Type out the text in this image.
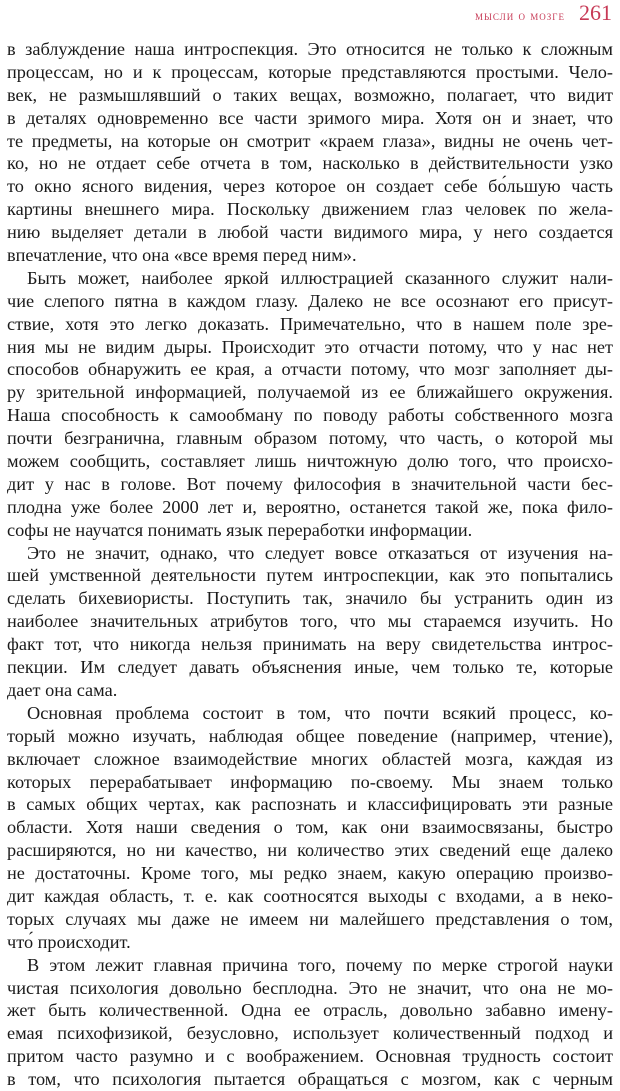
мысли о мозге 261
в заблуждение наша интроспекция. Это относится не только к сложным
процессам, но и к процессам, которые представляются простыми. Чело-
век, не размышлявший о таких вещах, возможно, полагает, что видит
в деталях одновременно все части зримого мира. Хотя он и знает, что
те предметы, на которые он смотрит «краем глаза», видны не очень чет-
ко, но не отдает себе отчета в том, насколько в действительности узко
то окно ясного видения, через которое он создает себе бо́льшую часть
картины внешнего мира. Поскольку движением глаз человек по жела-
нию выделяет детали в любой части видимого мира, у него создается
впечатление, что она «все время перед ним».
Быть может, наиболее яркой иллюстрацией сказанного служит нали-
чие слепого пятна в каждом глазу. Далеко не все осознают его присут-
ствие, хотя это легко доказать. Примечательно, что в нашем поле зре-
ния мы не видим дыры. Происходит это отчасти потому, что у нас нет
способов обнаружить ее края, а отчасти потому, что мозг заполняет ды-
ру зрительной информацией, получаемой из ее ближайшего окружения.
Наша способность к самообману по поводу работы собственного мозга
почти безгранична, главным образом потому, что часть, о которой мы
можем сообщить, составляет лишь ничтожную долю того, что происхо-
дит у нас в голове. Вот почему философия в значительной части бес-
плодна уже более 2000 лет и, вероятно, останется такой же, пока фило-
софы не научатся понимать язык переработки информации.
Это не значит, однако, что следует вовсе отказаться от изучения на-
шей умственной деятельности путем интроспекции, как это попытались
сделать бихевиористы. Поступить так, значило бы устранить один из
наиболее значительных атрибутов того, что мы стараемся изучить. Но
факт тот, что никогда нельзя принимать на веру свидетельства интрос-
пекции. Им следует давать объяснения иные, чем только те, которые
дает она сама.
Основная проблема состоит в том, что почти всякий процесс, ко-
торый можно изучать, наблюдая общее поведение (например, чтение),
включает сложное взаимодействие многих областей мозга, каждая из
которых перерабатывает информацию по-своему. Мы знаем только
в самых общих чертах, как распознать и классифицировать эти разные
области. Хотя наши сведения о том, как они взаимосвязаны, быстро
расширяются, но ни качество, ни количество этих сведений еще далеко
не достаточны. Кроме того, мы редко знаем, какую операцию произво-
дит каждая область, т. е. как соотносятся выходы с входами, а в неко-
торых случаях мы даже не имеем ни малейшего представления о том,
что́ происходит.
В этом лежит главная причина того, почему по мерке строгой науки
чистая психология довольно бесплодна. Это не значит, что она не мо-
жет быть количественной. Одна ее отрасль, довольно забавно имену-
емая психофизикой, безусловно, использует количественный подход и
притом часто разумно и с воображением. Основная трудность состоит
в том, что психология пытается обращаться с мозгом, как с черным
